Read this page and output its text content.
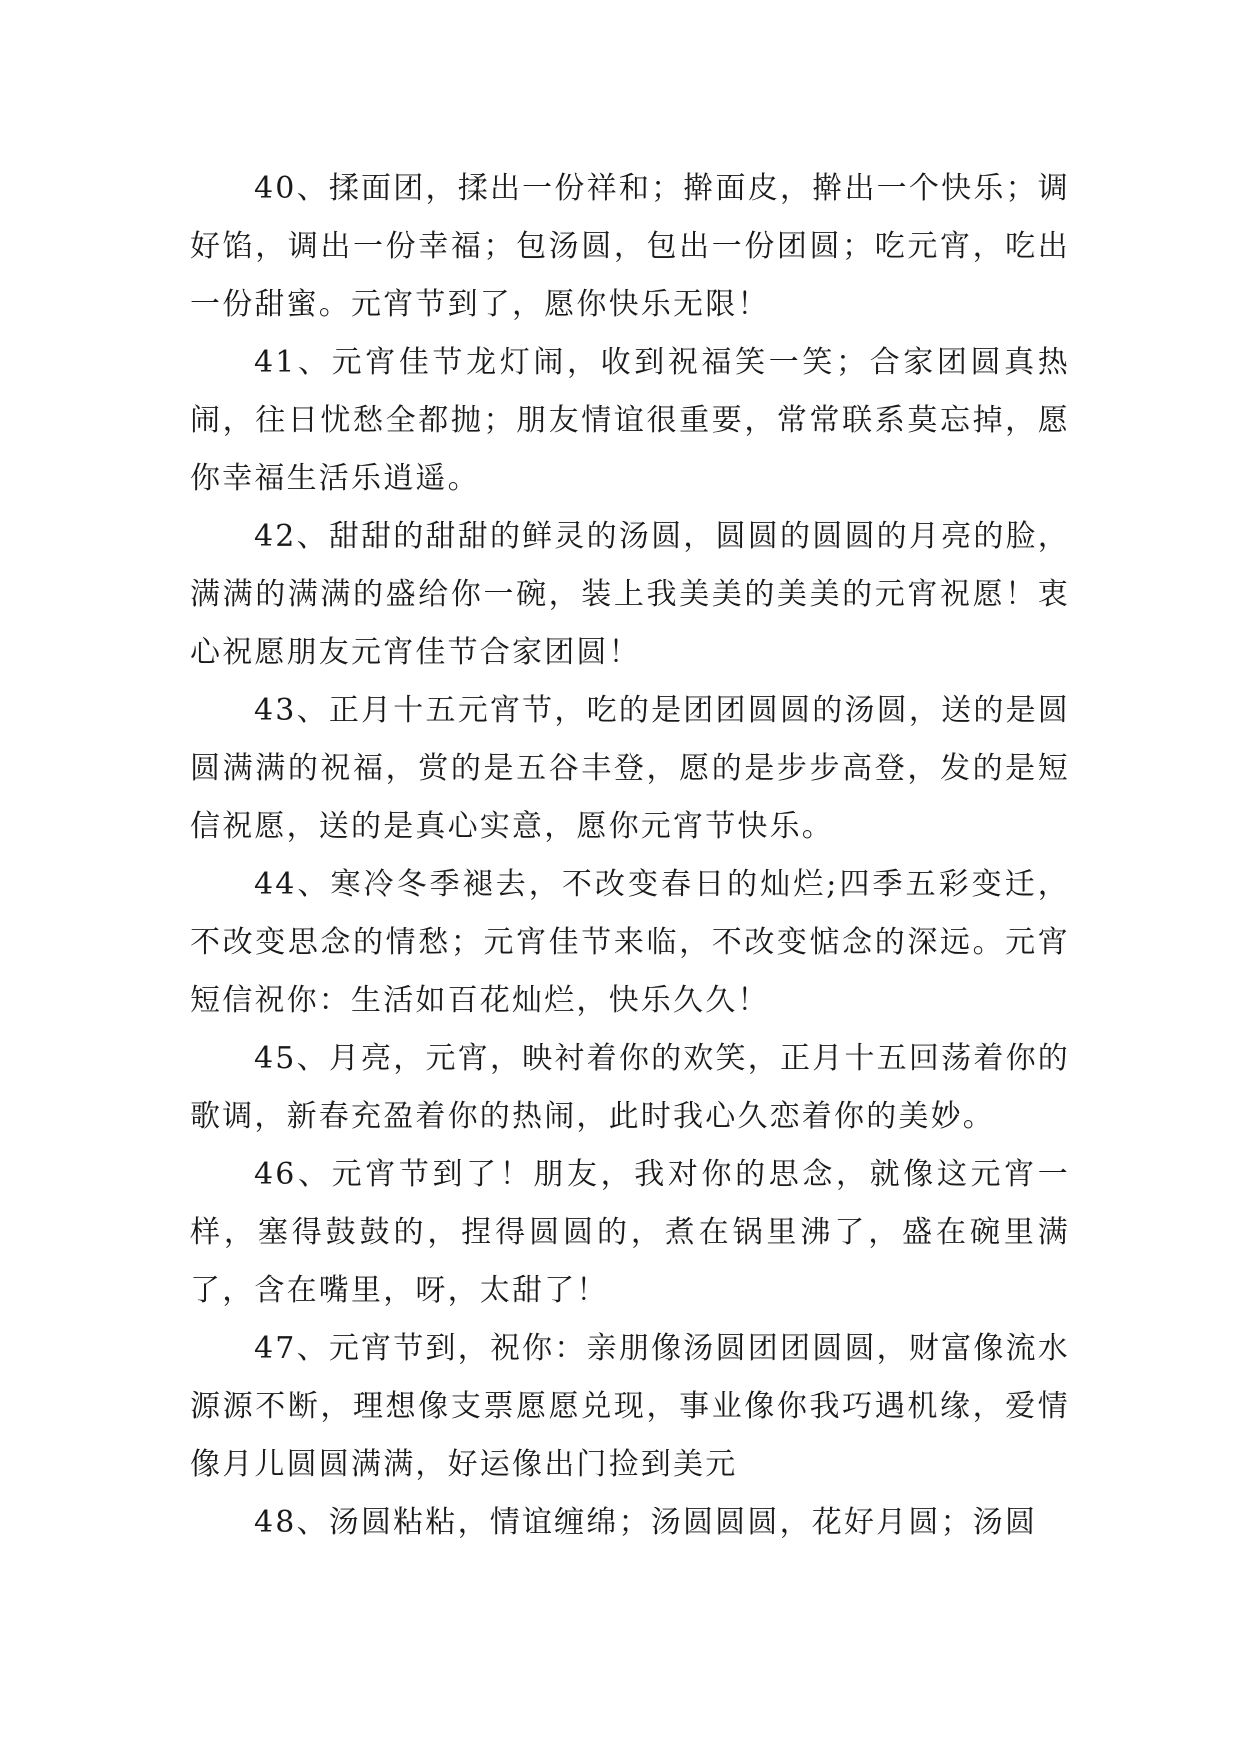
40、揉面团，揉出一份祥和；擀面皮，擀出一个快乐；调好馅，调出一份幸福；包汤圆，包出一份团圆；吃元宵，吃出一份甜蜜。元宵节到了，愿你快乐无限！

41、元宵佳节龙灯闹，收到祝福笑一笑；合家团圆真热闹，往日忧愁全都抛；朋友情谊很重要，常常联系莫忘掉，愿你幸福生活乐逍遥。

42、甜甜的甜甜的鲜灵的汤圆，圆圆的圆圆的月亮的脸，满满的满满的盛给你一碗，装上我美美的美美的元宵祝愿！衷心祝愿朋友元宵佳节合家团圆！

43、正月十五元宵节，吃的是团团圆圆的汤圆，送的是圆圆满满的祝福，赏的是五谷丰登，愿的是步步高登，发的是短信祝愿，送的是真心实意，愿你元宵节快乐。

44、寒冷冬季褪去，不改变春日的灿烂;四季五彩变迁，不改变思念的情愁；元宵佳节来临，不改变惦念的深远。元宵短信祝你：生活如百花灿烂，快乐久久！

45、月亮，元宵，映衬着你的欢笑，正月十五回荡着你的歌调，新春充盈着你的热闹，此时我心久恋着你的美妙。

46、元宵节到了！朋友，我对你的思念，就像这元宵一样，塞得鼓鼓的，捏得圆圆的，煮在锅里沸了，盛在碗里满了，含在嘴里，呀，太甜了！

47、元宵节到，祝你：亲朋像汤圆团团圆圆，财富像流水源源不断，理想像支票愿愿兑现，事业像你我巧遇机缘，爱情像月儿圆圆满满，好运像出门捡到美元

48、汤圆粘粘，情谊缠绵；汤圆圆圆，花好月圆；汤圆
